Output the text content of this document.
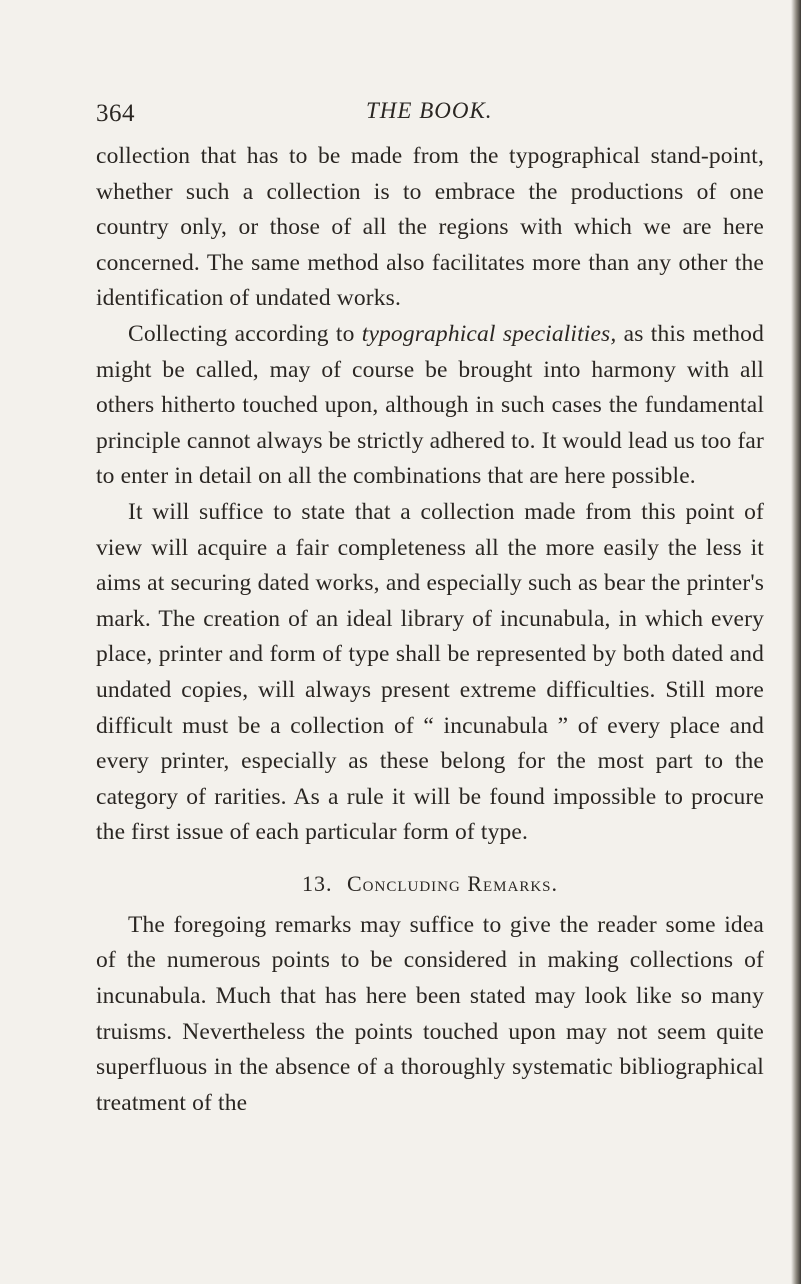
364	THE BOOK.

collection that has to be made from the typographical stand-point, whether such a collection is to embrace the productions of one country only, or those of all the regions with which we are here concerned. The same method also facilitates more than any other the identification of undated works.

Collecting according to typographical specialities, as this method might be called, may of course be brought into harmony with all others hitherto touched upon, although in such cases the fundamental principle cannot always be strictly adhered to. It would lead us too far to enter in detail on all the combinations that are here possible.

It will suffice to state that a collection made from this point of view will acquire a fair completeness all the more easily the less it aims at securing dated works, and especially such as bear the printer's mark. The creation of an ideal library of incunabula, in which every place, printer and form of type shall be represented by both dated and undated copies, will always present extreme difficulties. Still more difficult must be a collection of “ incunabula ” of every place and every printer, especially as these belong for the most part to the category of rarities. As a rule it will be found impossible to procure the first issue of each particular form of type.

13. Concluding Remarks.

The foregoing remarks may suffice to give the reader some idea of the numerous points to be considered in making collections of incunabula. Much that has here been stated may look like so many truisms. Nevertheless the points touched upon may not seem quite superfluous in the absence of a thoroughly systematic bibliographical treatment of the
